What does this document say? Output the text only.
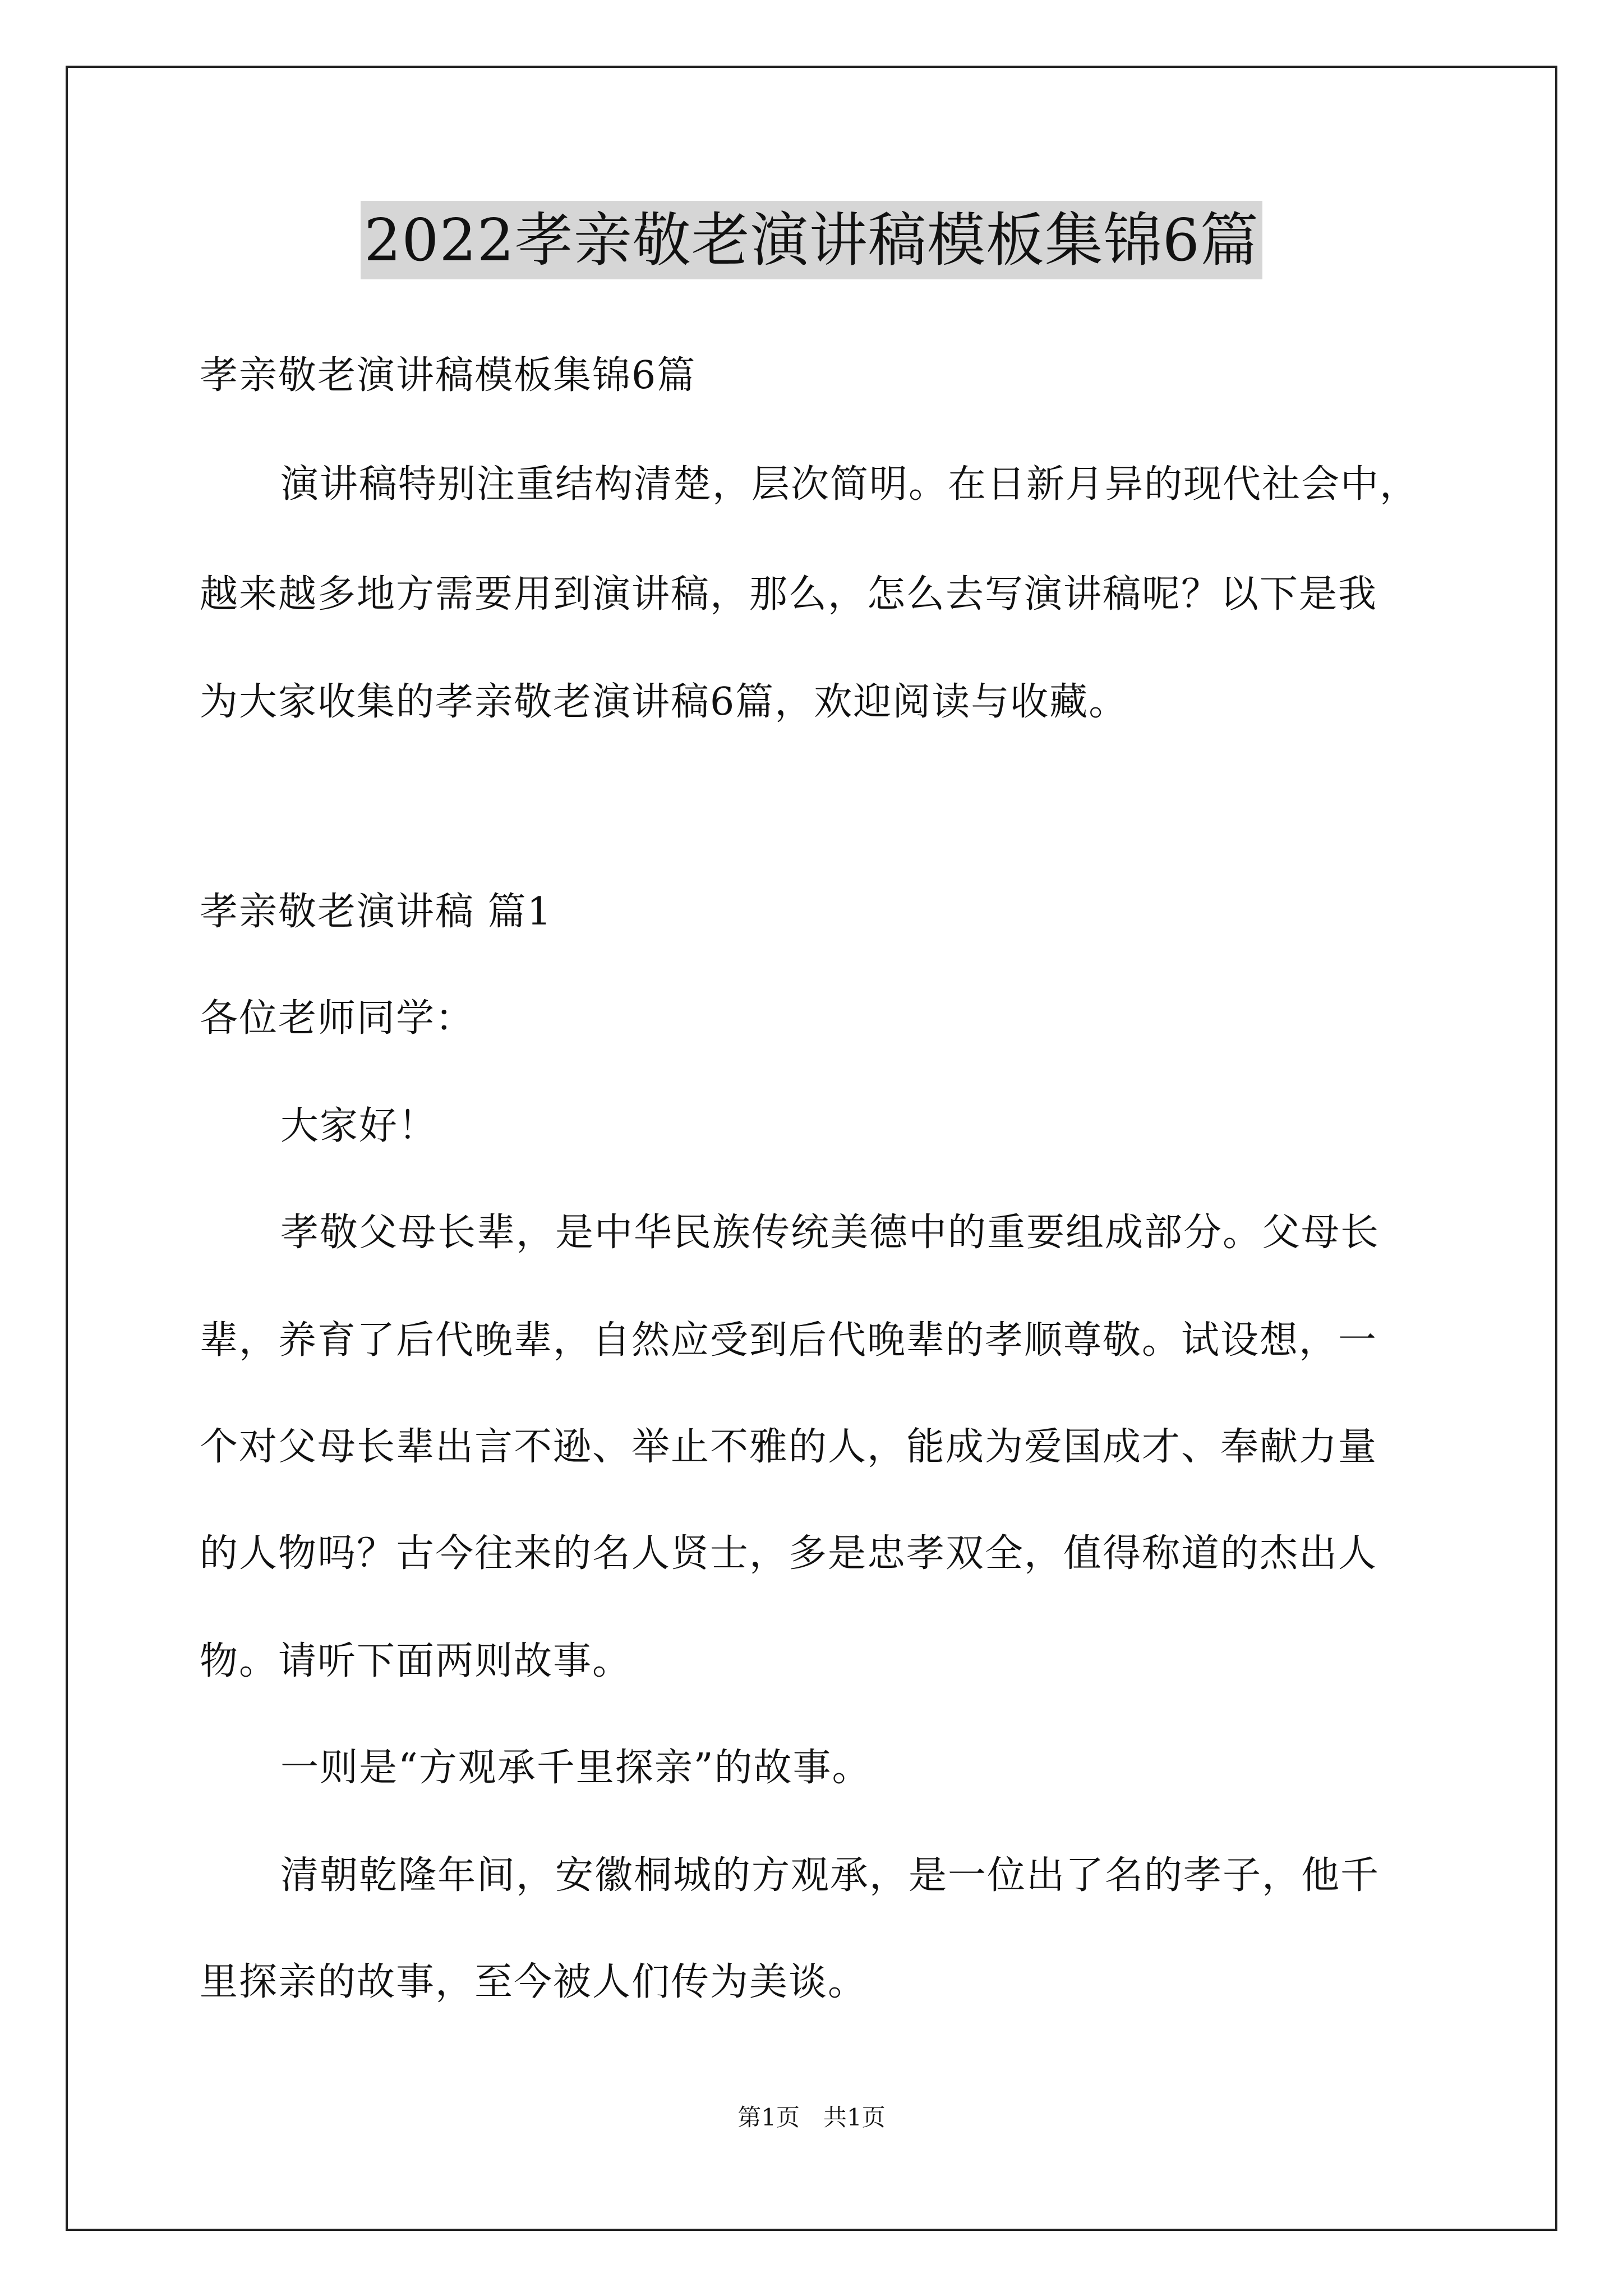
2022孝亲敬老演讲稿模板集锦6篇
孝亲敬老演讲稿模板集锦6篇
演讲稿特别注重结构清楚，层次简明。在日新月异的现代社会中，
越来越多地方需要用到演讲稿，那么，怎么去写演讲稿呢？以下是我
为大家收集的孝亲敬老演讲稿6篇，欢迎阅读与收藏。
孝亲敬老演讲稿 篇1
各位老师同学：
大家好！
孝敬父母长辈，是中华民族传统美德中的重要组成部分。父母长
辈，养育了后代晚辈，自然应受到后代晚辈的孝顺尊敬。试设想，一
个对父母长辈出言不逊、举止不雅的人，能成为爱国成才、奉献力量
的人物吗？古今往来的名人贤士，多是忠孝双全，值得称道的杰出人
物。请听下面两则故事。
一则是“方观承千里探亲”的故事。
清朝乾隆年间，安徽桐城的方观承，是一位出了名的孝子，他千
里探亲的故事，至今被人们传为美谈。
第1页　共1页
